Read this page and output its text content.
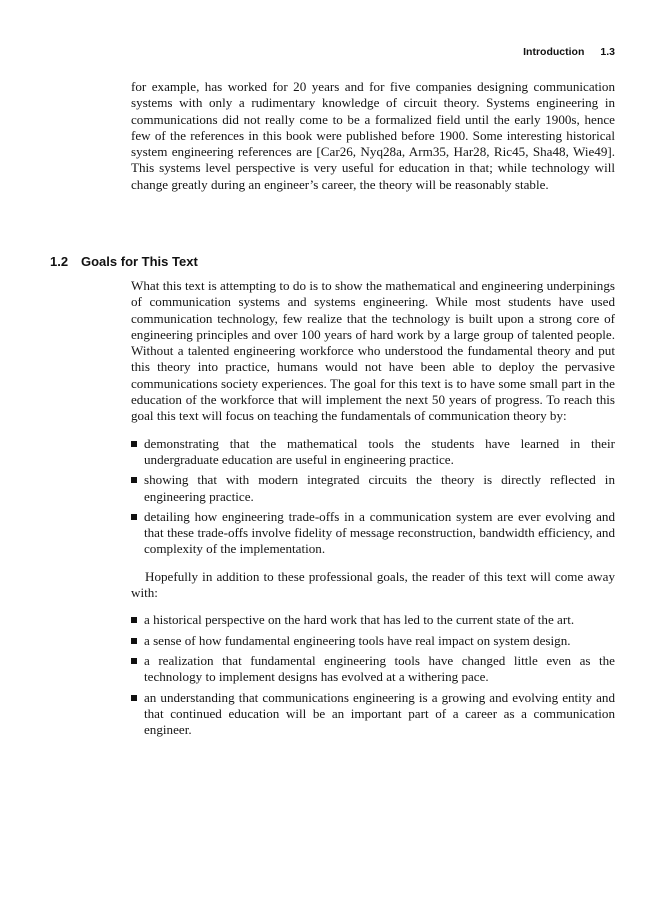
Introduction 1.3

for example, has worked for 20 years and for five companies designing communication systems with only a rudimentary knowledge of circuit theory. Systems engineering in communications did not really come to be a formalized field until the early 1900s, hence few of the references in this book were published before 1900. Some interesting historical system engineering references are [Car26, Nyq28a, Arm35, Har28, Ric45, Sha48, Wie49]. This systems level perspective is very useful for education in that; while technology will change greatly during an engineer’s career, the theory will be reasonably stable.

1.2 Goals for This Text

What this text is attempting to do is to show the mathematical and engineering underpinings of communication systems and systems engineering. While most students have used communication technology, few realize that the technology is built upon a strong core of engineering principles and over 100 years of hard work by a large group of talented people. Without a talented engineering workforce who understood the fundamental theory and put this theory into practice, humans would not have been able to deploy the pervasive communications society experiences. The goal for this text is to have some small part in the education of the workforce that will implement the next 50 years of progress. To reach this goal this text will focus on teaching the fundamentals of communication theory by:

demonstrating that the mathematical tools the students have learned in their undergraduate education are useful in engineering practice.
showing that with modern integrated circuits the theory is directly reflected in engineering practice.
detailing how engineering trade-offs in a communication system are ever evolving and that these trade-offs involve fidelity of message reconstruction, bandwidth efficiency, and complexity of the implementation.

Hopefully in addition to these professional goals, the reader of this text will come away with:

a historical perspective on the hard work that has led to the current state of the art.
a sense of how fundamental engineering tools have real impact on system design.
a realization that fundamental engineering tools have changed little even as the technology to implement designs has evolved at a withering pace.
an understanding that communications engineering is a growing and evolving entity and that continued education will be an important part of a career as a communication engineer.
